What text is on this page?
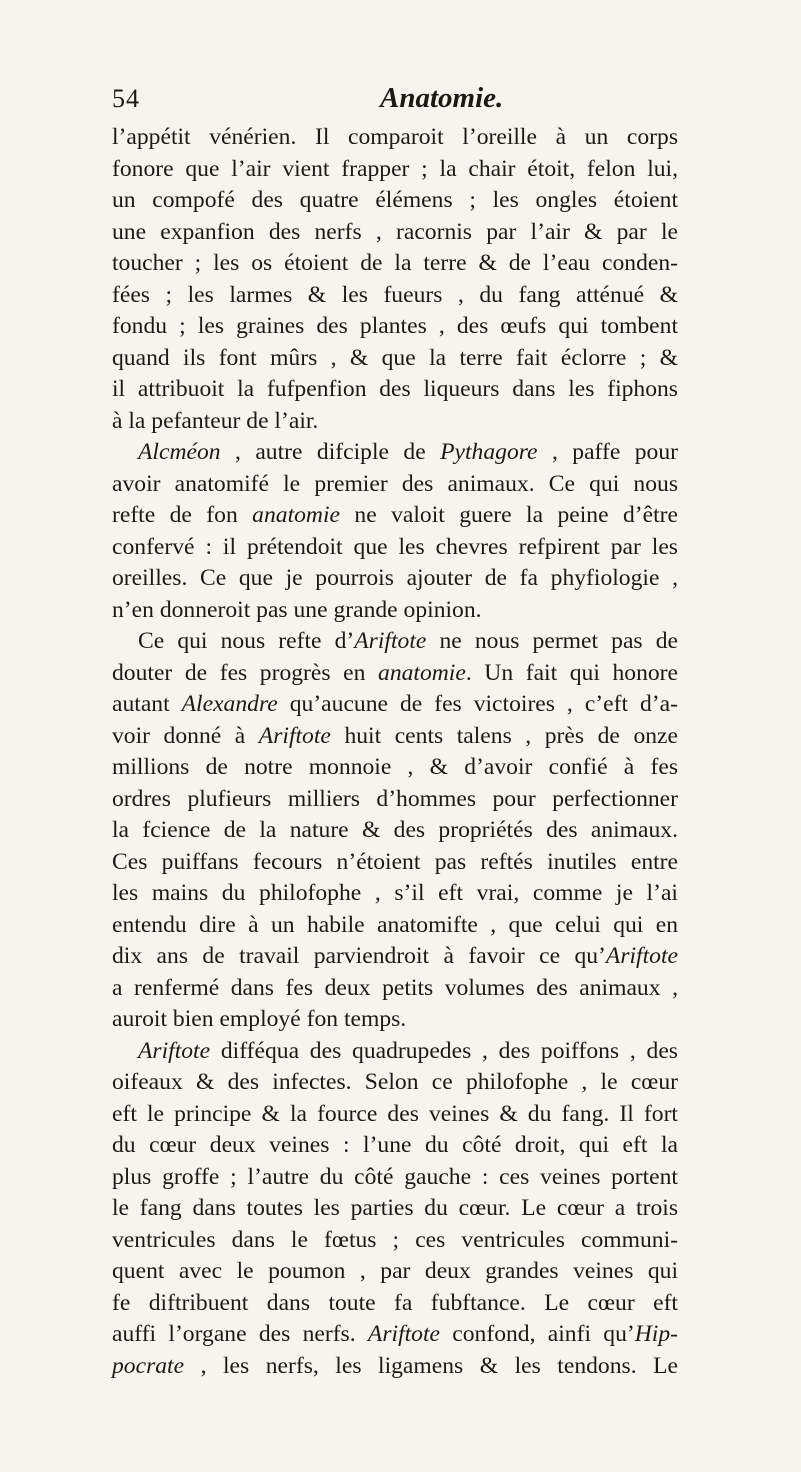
54	Anatomie.
l’appétit vénérien. Il comparoit l’oreille à un corps
fonore que l’air vient frapper ; la chair étoit, felon lui,
un compofé des quatre élémens ; les ongles étoient
une expanfion des nerfs , racornis par l’air & par le
toucher ; les os étoient de la terre & de l’eau conden-
fées ; les larmes & les fueurs , du fang atténué &
fondu ; les graines des plantes , des œufs qui tombent
quand ils font mûrs , & que la terre fait éclorre ; &
il attribuoit la fufpenfion des liqueurs dans les fiphons
à la pefanteur de l’air.
Alcméon , autre difciple de Pythagore , paffe pour
avoir anatomifé le premier des animaux. Ce qui nous
refte de fon anatomie ne valoit guere la peine d’être
confervé : il prétendoit que les chevres refpirent par les
oreilles. Ce que je pourrois ajouter de fa phyfiologie ,
n’en donneroit pas une grande opinion.
Ce qui nous refte d’Ariftote ne nous permet pas de
douter de fes progrès en anatomie. Un fait qui honore
autant Alexandre qu’aucune de fes victoires , c’eft d’a-
voir donné à Ariftote huit cents talens , près de onze
millions de notre monnoie , & d’avoir confié à fes
ordres plufieurs milliers d’hommes pour perfectionner
la fcience de la nature & des propriétés des animaux.
Ces puiffans fecours n’étoient pas reftés inutiles entre
les mains du philofophe , s’il eft vrai, comme je l’ai
entendu dire à un habile anatomifte , que celui qui en
dix ans de travail parviendroit à favoir ce qu’Ariftote
a renfermé dans fes deux petits volumes des animaux ,
auroit bien employé fon temps.
Ariftote difféqua des quadrupedes , des poiffons , des
oifeaux & des infectes. Selon ce philofophe , le cœur
eft le principe & la fource des veines & du fang. Il fort
du cœur deux veines : l’une du côté droit, qui eft la
plus groffe ; l’autre du côté gauche : ces veines portent
le fang dans toutes les parties du cœur. Le cœur a trois
ventricules dans le fœtus ; ces ventricules communi-
quent avec le poumon , par deux grandes veines qui
fe diftribuent dans toute fa fubftance. Le cœur eft
auffi l’organe des nerfs. Ariftote confond, ainfi qu’Hip-
pocrate , les nerfs, les ligamens & les tendons. Le
